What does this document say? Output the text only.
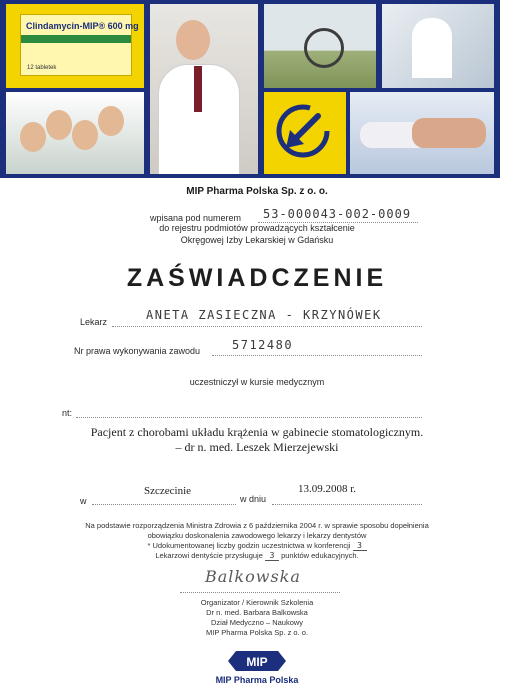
Clindamycin-MIP® 600 mg
12 tabletek
MIP Pharma Polska Sp. z o. o.
wpisana pod numerem 53-000043-002-0009
do rejestru podmiotów prowadzących kształcenie
Okręgowej Izby Lekarskiej w Gdańsku
ZAŚWIADCZENIE
Lekarz	ANETA ZASIECZNA - KRZYNÓWEK
Nr prawa wykonywania zawodu	5712480
uczestniczył w kursie medycznym
nt:
Pacjent z chorobami układu krążenia w gabinecie stomatologicznym.
– dr n. med. Leszek Mierzejewski
w
Szczecinie
w dniu
13.09.2008 r.
Na podstawie rozporządzenia Ministra Zdrowia z 6 października 2004 r. w sprawie sposobu dopełnienia
obowiązku doskonalenia zawodowego lekarzy i lekarzy dentystów
* Udokumentowanej liczby godzin uczestnictwa w konferencji 3
Lekarzowi dentyście przysługuje 3 punktów edukacyjnych.
Balkowska
Organizator / Kierownik Szkolenia
Dr n. med. Barbara Balkowska
Dział Medyczno – Naukowy
MIP Pharma Polska Sp. z o. o.
MIP
MIP Pharma Polska
